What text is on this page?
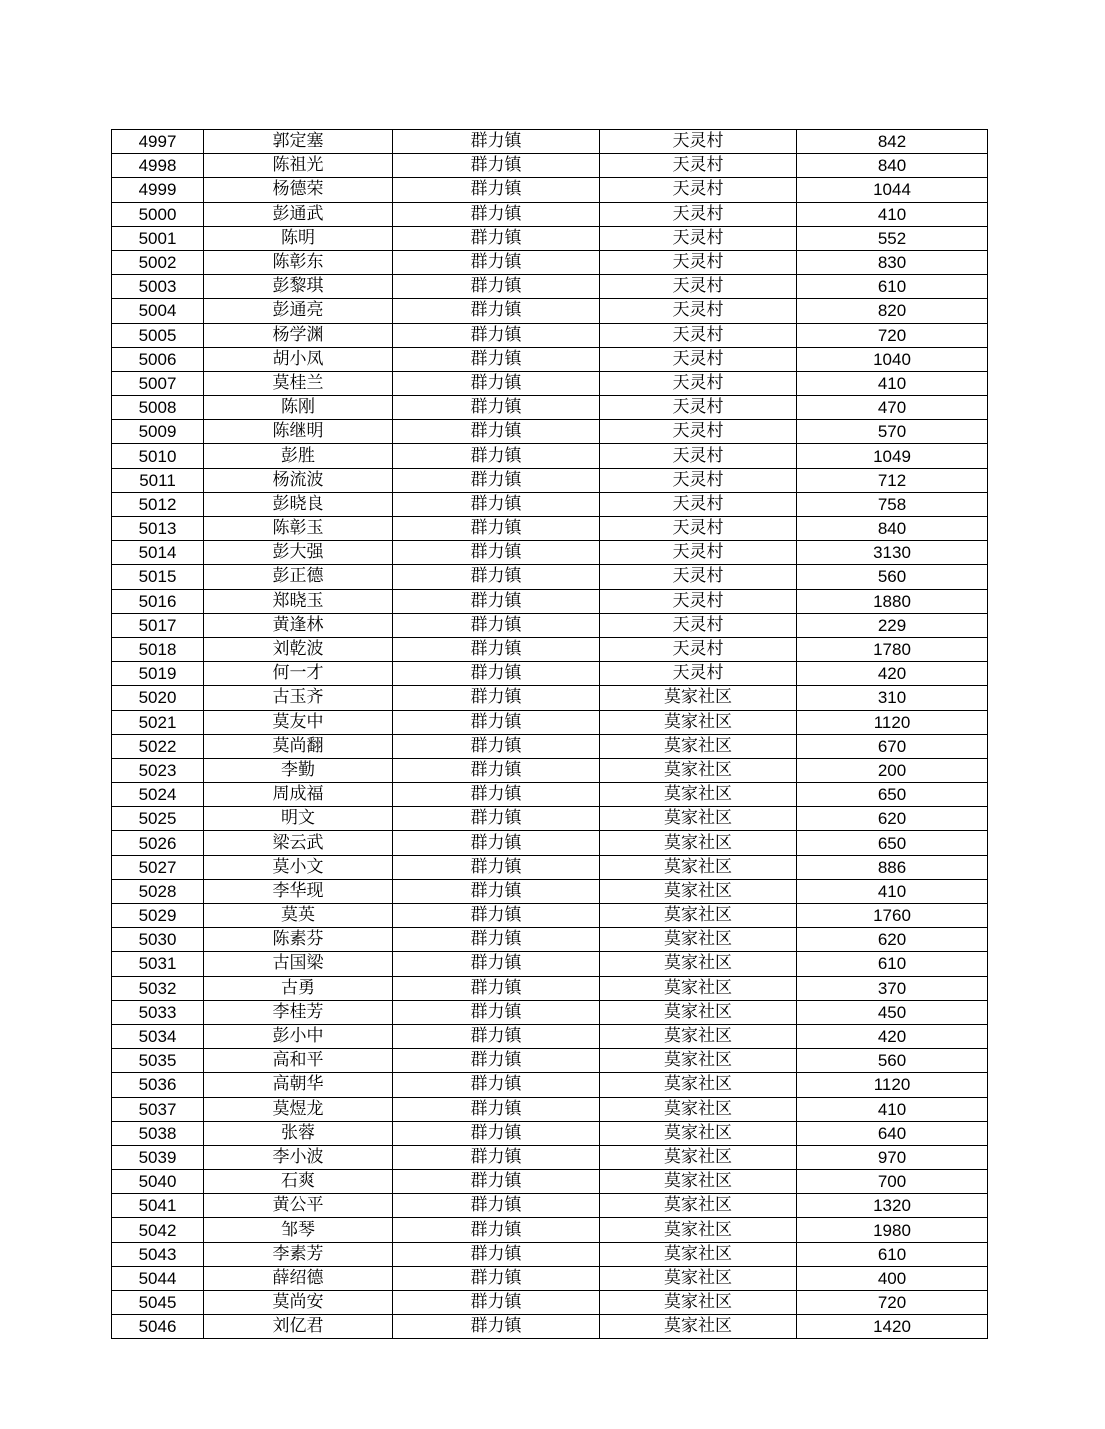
4997	郭定塞	群力镇	天灵村	842
4998	陈祖光	群力镇	天灵村	840
4999	杨德荣	群力镇	天灵村	1044
5000	彭通武	群力镇	天灵村	410
5001	陈明	群力镇	天灵村	552
5002	陈彰东	群力镇	天灵村	830
5003	彭黎琪	群力镇	天灵村	610
5004	彭通亮	群力镇	天灵村	820
5005	杨学渊	群力镇	天灵村	720
5006	胡小凤	群力镇	天灵村	1040
5007	莫桂兰	群力镇	天灵村	410
5008	陈刚	群力镇	天灵村	470
5009	陈继明	群力镇	天灵村	570
5010	彭胜	群力镇	天灵村	1049
5011	杨流波	群力镇	天灵村	712
5012	彭晓良	群力镇	天灵村	758
5013	陈彰玉	群力镇	天灵村	840
5014	彭大强	群力镇	天灵村	3130
5015	彭正德	群力镇	天灵村	560
5016	郑晓玉	群力镇	天灵村	1880
5017	黄逢林	群力镇	天灵村	229
5018	刘乾波	群力镇	天灵村	1780
5019	何一才	群力镇	天灵村	420
5020	古玉齐	群力镇	莫家社区	310
5021	莫友中	群力镇	莫家社区	1120
5022	莫尚翻	群力镇	莫家社区	670
5023	李勤	群力镇	莫家社区	200
5024	周成福	群力镇	莫家社区	650
5025	明文	群力镇	莫家社区	620
5026	梁云武	群力镇	莫家社区	650
5027	莫小文	群力镇	莫家社区	886
5028	李华现	群力镇	莫家社区	410
5029	莫英	群力镇	莫家社区	1760
5030	陈素芬	群力镇	莫家社区	620
5031	古国梁	群力镇	莫家社区	610
5032	古勇	群力镇	莫家社区	370
5033	李桂芳	群力镇	莫家社区	450
5034	彭小中	群力镇	莫家社区	420
5035	高和平	群力镇	莫家社区	560
5036	高朝华	群力镇	莫家社区	1120
5037	莫煜龙	群力镇	莫家社区	410
5038	张蓉	群力镇	莫家社区	640
5039	李小波	群力镇	莫家社区	970
5040	石爽	群力镇	莫家社区	700
5041	黄公平	群力镇	莫家社区	1320
5042	邹琴	群力镇	莫家社区	1980
5043	李素芳	群力镇	莫家社区	610
5044	薛绍德	群力镇	莫家社区	400
5045	莫尚安	群力镇	莫家社区	720
5046	刘亿君	群力镇	莫家社区	1420
